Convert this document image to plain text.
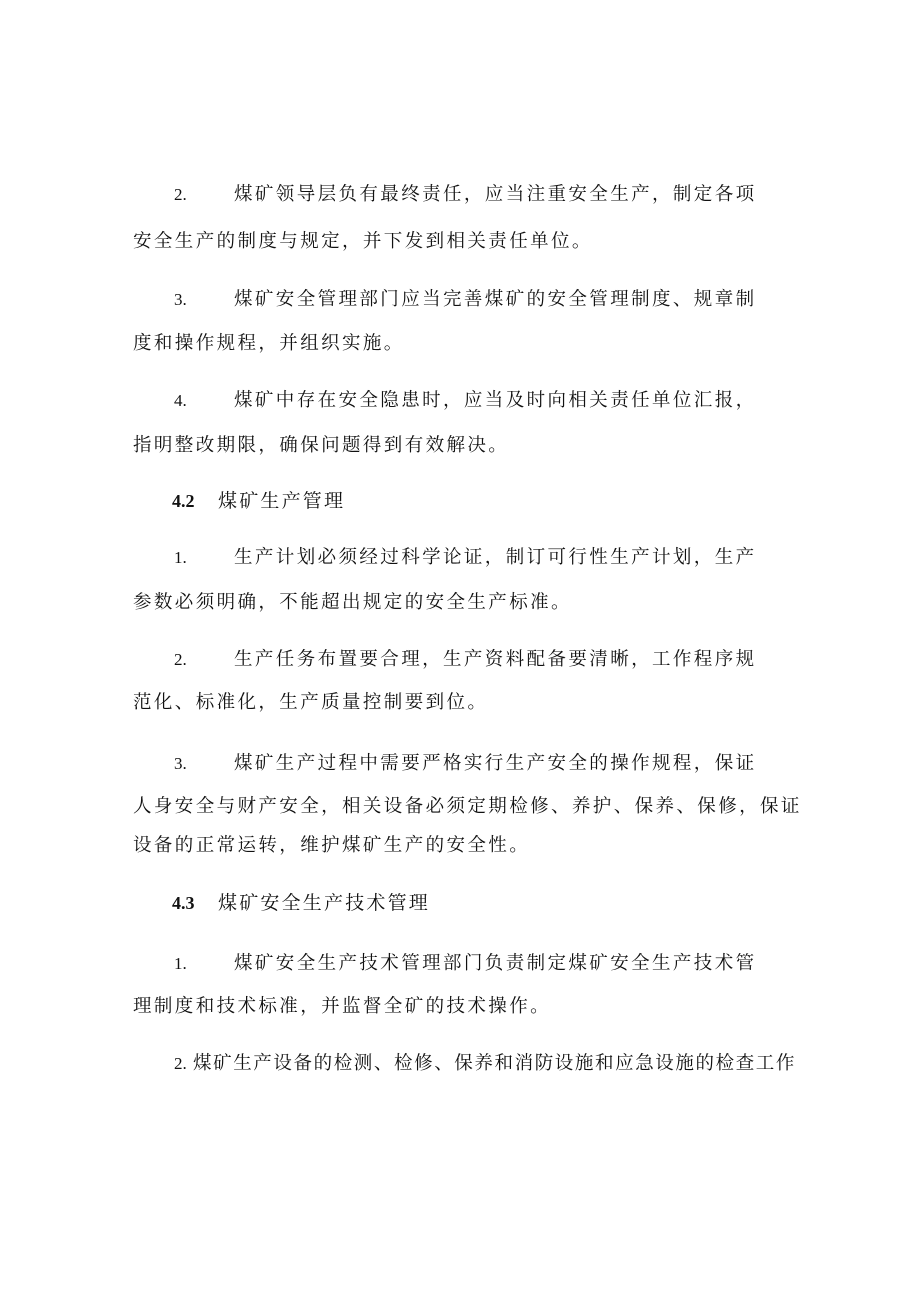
2.	煤矿领导层负有最终责任，应当注重安全生产，制定各项
安全生产的制度与规定，并下发到相关责任单位。
3.	煤矿安全管理部门应当完善煤矿的安全管理制度、规章制
度和操作规程，并组织实施。
4.	煤矿中存在安全隐患时，应当及时向相关责任单位汇报，
指明整改期限，确保问题得到有效解决。
4.2 煤矿生产管理
1.	生产计划必须经过科学论证，制订可行性生产计划，生产
参数必须明确，不能超出规定的安全生产标准。
2.	生产任务布置要合理，生产资料配备要清晰，工作程序规
范化、标准化，生产质量控制要到位。
3.	煤矿生产过程中需要严格实行生产安全的操作规程，保证
人身安全与财产安全，相关设备必须定期检修、养护、保养、保修，保证
设备的正常运转，维护煤矿生产的安全性。
4.3 煤矿安全生产技术管理
1.	煤矿安全生产技术管理部门负责制定煤矿安全生产技术管
理制度和技术标准，并监督全矿的技术操作。
2. 煤矿生产设备的检测、检修、保养和消防设施和应急设施的检查工作
